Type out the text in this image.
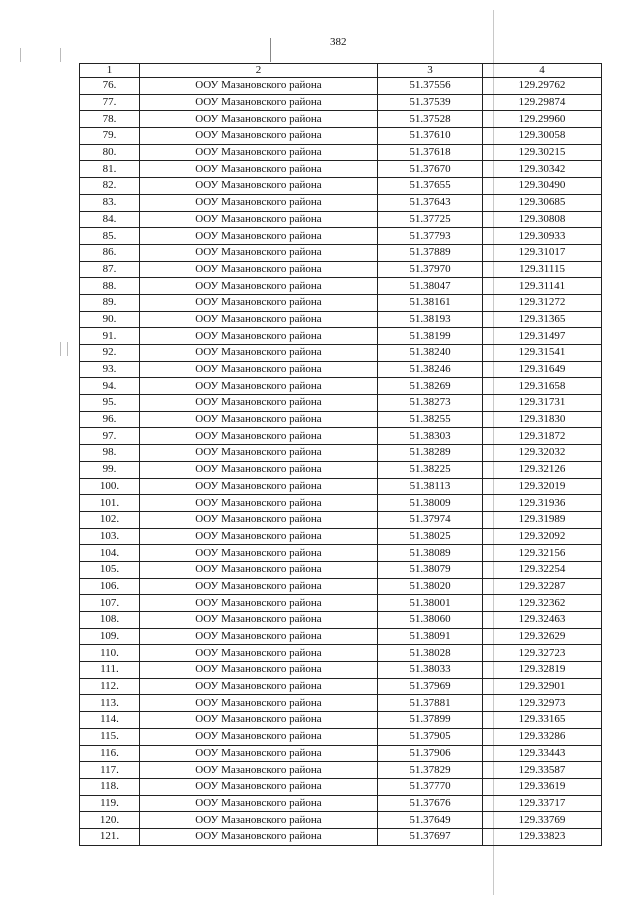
382
1	2	3	4
76.	ООУ Мазановского района	51.37556	129.29762
77.	ООУ Мазановского района	51.37539	129.29874
78.	ООУ Мазановского района	51.37528	129.29960
79.	ООУ Мазановского района	51.37610	129.30058
80.	ООУ Мазановского района	51.37618	129.30215
81.	ООУ Мазановского района	51.37670	129.30342
82.	ООУ Мазановского района	51.37655	129.30490
83.	ООУ Мазановского района	51.37643	129.30685
84.	ООУ Мазановского района	51.37725	129.30808
85.	ООУ Мазановского района	51.37793	129.30933
86.	ООУ Мазановского района	51.37889	129.31017
87.	ООУ Мазановского района	51.37970	129.31115
88.	ООУ Мазановского района	51.38047	129.31141
89.	ООУ Мазановского района	51.38161	129.31272
90.	ООУ Мазановского района	51.38193	129.31365
91.	ООУ Мазановского района	51.38199	129.31497
92.	ООУ Мазановского района	51.38240	129.31541
93.	ООУ Мазановского района	51.38246	129.31649
94.	ООУ Мазановского района	51.38269	129.31658
95.	ООУ Мазановского района	51.38273	129.31731
96.	ООУ Мазановского района	51.38255	129.31830
97.	ООУ Мазановского района	51.38303	129.31872
98.	ООУ Мазановского района	51.38289	129.32032
99.	ООУ Мазановского района	51.38225	129.32126
100.	ООУ Мазановского района	51.38113	129.32019
101.	ООУ Мазановского района	51.38009	129.31936
102.	ООУ Мазановского района	51.37974	129.31989
103.	ООУ Мазановского района	51.38025	129.32092
104.	ООУ Мазановского района	51.38089	129.32156
105.	ООУ Мазановского района	51.38079	129.32254
106.	ООУ Мазановского района	51.38020	129.32287
107.	ООУ Мазановского района	51.38001	129.32362
108.	ООУ Мазановского района	51.38060	129.32463
109.	ООУ Мазановского района	51.38091	129.32629
110.	ООУ Мазановского района	51.38028	129.32723
111.	ООУ Мазановского района	51.38033	129.32819
112.	ООУ Мазановского района	51.37969	129.32901
113.	ООУ Мазановского района	51.37881	129.32973
114.	ООУ Мазановского района	51.37899	129.33165
115.	ООУ Мазановского района	51.37905	129.33286
116.	ООУ Мазановского района	51.37906	129.33443
117.	ООУ Мазановского района	51.37829	129.33587
118.	ООУ Мазановского района	51.37770	129.33619
119.	ООУ Мазановского района	51.37676	129.33717
120.	ООУ Мазановского района	51.37649	129.33769
121.	ООУ Мазановского района	51.37697	129.33823
